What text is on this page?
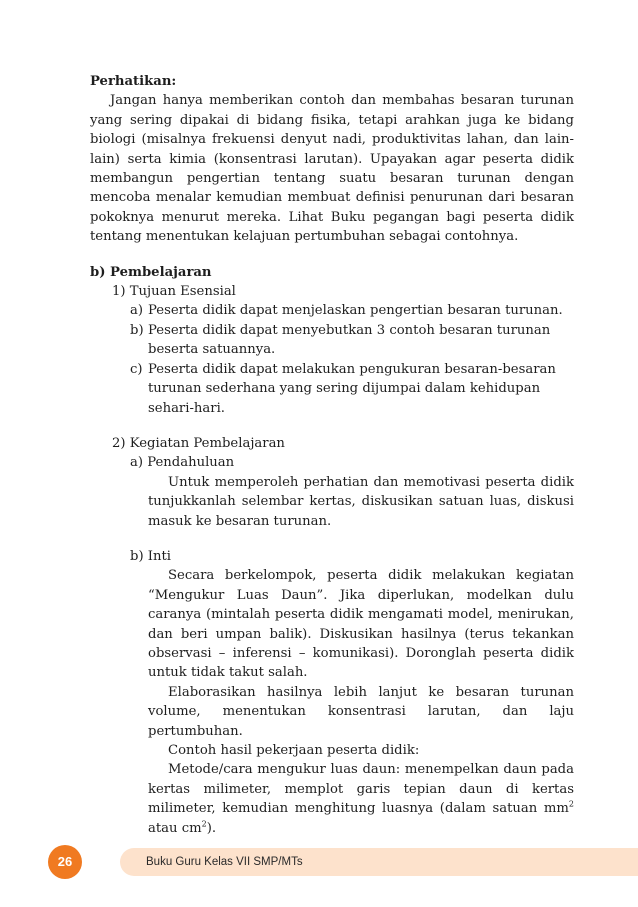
Perhatikan:

Jangan hanya memberikan contoh dan membahas besaran turunan yang sering dipakai di bidang fisika, tetapi arahkan juga ke bidang biologi (misalnya frekuensi denyut nadi, produktivitas lahan, dan lain-lain) serta kimia (konsentrasi larutan). Upayakan agar peserta didik membangun pengertian tentang suatu besaran turunan dengan mencoba menalar kemudian membuat definisi penurunan dari besaran pokoknya menurut mereka. Lihat Buku pegangan bagi peserta didik tentang menentukan kelajuan pertumbuhan sebagai contohnya.

b) Pembelajaran

1) Tujuan Esensial

a) Peserta didik dapat menjelaskan pengertian besaran turunan.
b) Peserta didik dapat menyebutkan 3 contoh besaran turunan beserta satuannya.
c) Peserta didik dapat melakukan pengukuran besaran-besaran turunan sederhana yang sering dijumpai dalam kehidupan sehari-hari.

2) Kegiatan Pembelajaran

a) Pendahuluan

Untuk memperoleh perhatian dan memotivasi peserta didik tunjukkanlah selembar kertas, diskusikan satuan luas, diskusi masuk ke besaran turunan.

b) Inti

Secara berkelompok, peserta didik melakukan kegiatan “Mengukur Luas Daun”. Jika diperlukan, modelkan dulu caranya (mintalah peserta didik mengamati model, menirukan, dan beri umpan balik). Diskusikan hasilnya (terus tekankan observasi – inferensi – komunikasi). Doronglah peserta didik untuk tidak takut salah.

Elaborasikan hasilnya lebih lanjut ke besaran turunan volume, menentukan konsentrasi larutan, dan laju pertumbuhan.

Contoh hasil pekerjaan peserta didik:

Metode/cara mengukur luas daun: menempelkan daun pada kertas milimeter, memplot garis tepian daun di kertas milimeter, kemudian menghitung luasnya (dalam satuan $mm^2$ atau $cm^2$).

26	Buku Guru Kelas VII SMP/MTs
